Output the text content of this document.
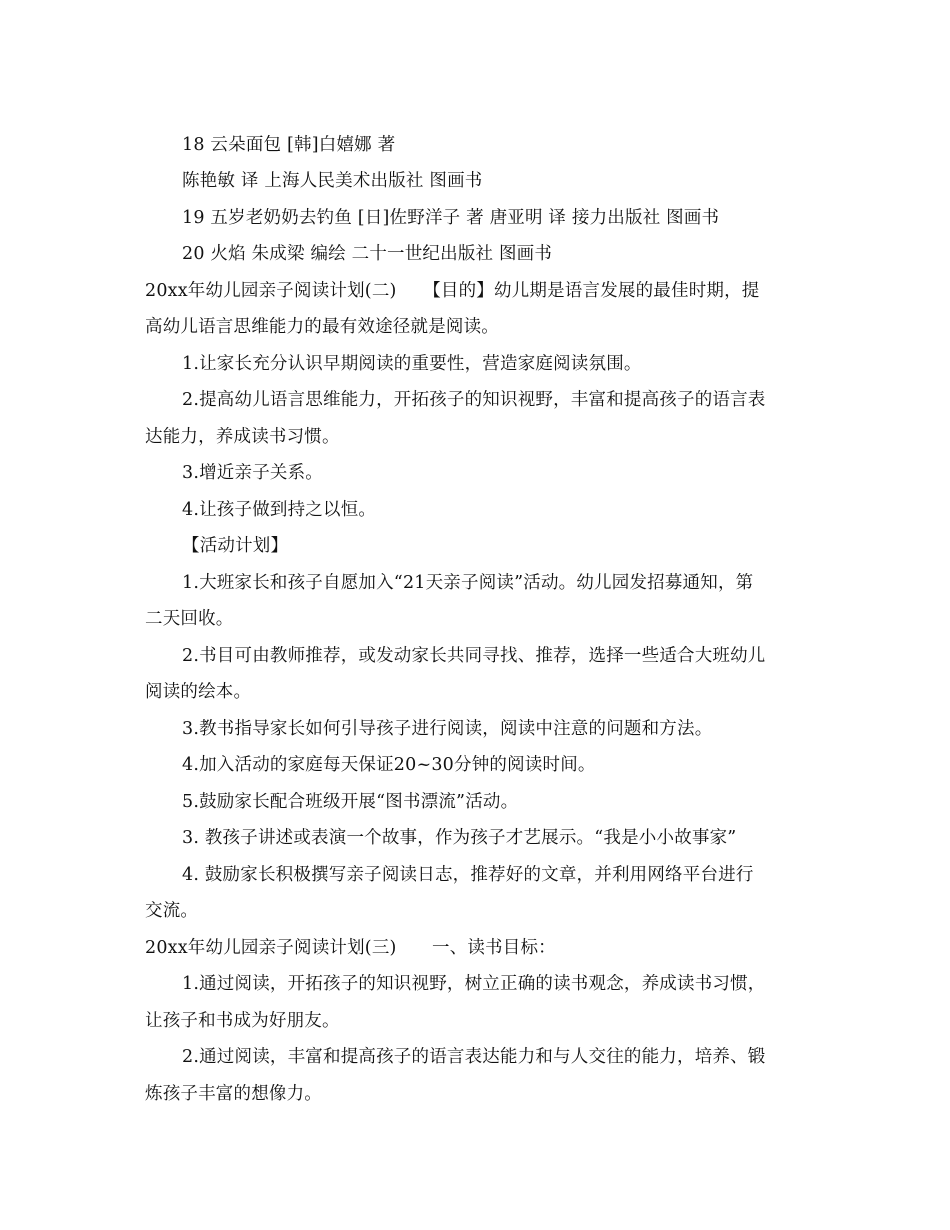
18 云朵面包 [韩]白嬉娜 著
陈艳敏 译 上海人民美术出版社 图画书
19 五岁老奶奶去钓鱼 [日]佐野洋子 著 唐亚明 译 接力出版社 图画书
20 火焰 朱成梁 编绘 二十一世纪出版社 图画书
20xx年幼儿园亲子阅读计划(二)　　【目的】幼儿期是语言发展的最佳时期，提
高幼儿语言思维能力的最有效途径就是阅读。
1.让家长充分认识早期阅读的重要性，营造家庭阅读氛围。
2.提高幼儿语言思维能力，开拓孩子的知识视野，丰富和提高孩子的语言表
达能力，养成读书习惯。
3.增近亲子关系。
4.让孩子做到持之以恒。
【活动计划】
1.大班家长和孩子自愿加入“21天亲子阅读”活动。幼儿园发招募通知，第
二天回收。
2.书目可由教师推荐，或发动家长共同寻找、推荐，选择一些适合大班幼儿
阅读的绘本。
3.教书指导家长如何引导孩子进行阅读，阅读中注意的问题和方法。
4.加入活动的家庭每天保证20~30分钟的阅读时间。
5.鼓励家长配合班级开展“图书漂流”活动。
3. 教孩子讲述或表演一个故事，作为孩子才艺展示。“我是小小故事家”
4. 鼓励家长积极撰写亲子阅读日志，推荐好的文章，并利用网络平台进行
交流。
20xx年幼儿园亲子阅读计划(三)　　一、读书目标：
1.通过阅读，开拓孩子的知识视野，树立正确的读书观念，养成读书习惯，
让孩子和书成为好朋友。
2.通过阅读，丰富和提高孩子的语言表达能力和与人交往的能力，培养、锻
炼孩子丰富的想像力。
